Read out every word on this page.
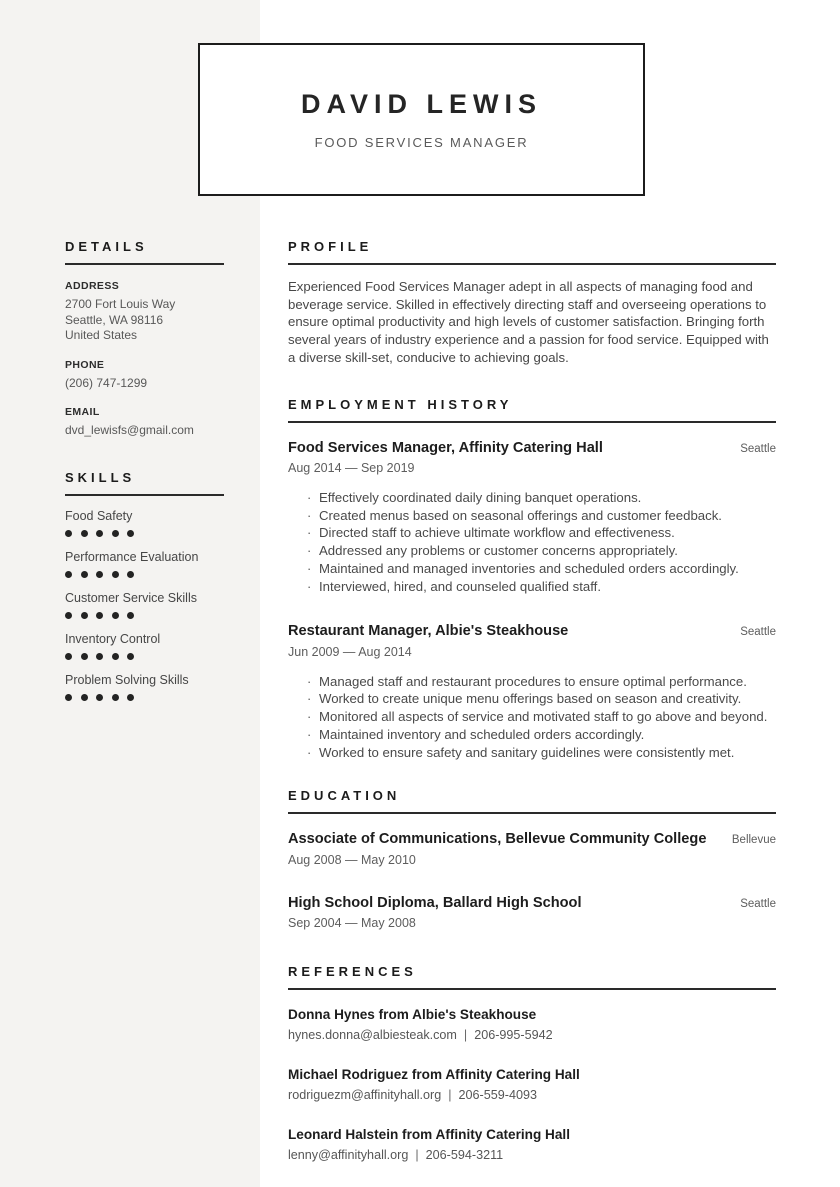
DETAILS
ADDRESS
2700 Fort Louis Way
Seattle, WA 98116
United States
PHONE
(206) 747-1299
EMAIL
dvd_lewisfs@gmail.com
SKILLS
Food Safety
Performance Evaluation
Customer Service Skills
Inventory Control
Problem Solving Skills
DAVID LEWIS
FOOD SERVICES MANAGER
PROFILE

Experienced Food Services Manager adept in all aspects of managing food and beverage service. Skilled in effectively directing staff and overseeing operations to ensure optimal productivity and high levels of customer satisfaction. Bringing forth several years of industry experience and a passion for food service. Equipped with a diverse skill-set, conducive to achieving goals.

EMPLOYMENT HISTORY
Food Services Manager, Affinity Catering Hall	Seattle
Aug 2014 — Sep 2019
· Effectively coordinated daily dining banquet operations.
· Created menus based on seasonal offerings and customer feedback.
· Directed staff to achieve ultimate workflow and effectiveness.
· Addressed any problems or customer concerns appropriately.
· Maintained and managed inventories and scheduled orders accordingly.
· Interviewed, hired, and counseled qualified staff.
Restaurant Manager, Albie's Steakhouse	Seattle
Jun 2009 — Aug 2014
· Managed staff and restaurant procedures to ensure optimal performance.
· Worked to create unique menu offerings based on season and creativity.
· Monitored all aspects of service and motivated staff to go above and beyond.
· Maintained inventory and scheduled orders accordingly.
· Worked to ensure safety and sanitary guidelines were consistently met.
EDUCATION
Associate of Communications, Bellevue Community College Bellevue
Aug 2008 — May 2010
High School Diploma, Ballard High School	Seattle
Sep 2004 — May 2008
REFERENCES
Donna Hynes from Albie's Steakhouse
hynes.donna@albiesteak.com | 206-995-5942
Michael Rodriguez from Affinity Catering Hall
rodriguezm@affinityhall.org | 206-559-4093
Leonard Halstein from Affinity Catering Hall
lenny@affinityhall.org | 206-594-3211
